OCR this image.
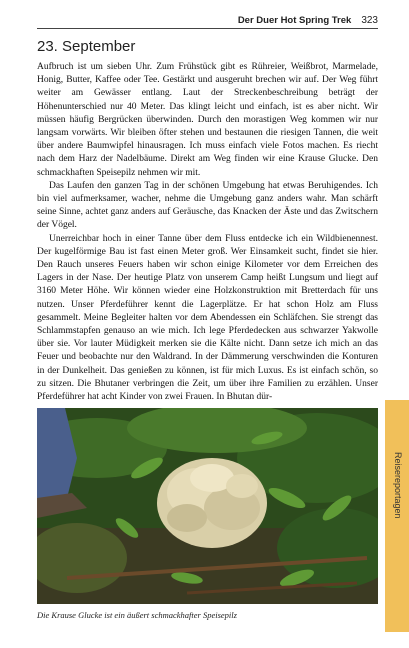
Der Duer Hot Spring Trek 323
23. September

Aufbruch ist um sieben Uhr. Zum Frühstück gibt es Rühreier, Weißbrot, Marmelade, Honig, Butter, Kaffee oder Tee. Gestärkt und ausgeruht brechen wir auf. Der Weg führt weiter am Gewässer entlang. Laut der Streckenbeschreibung beträgt der Höhenunterschied nur 40 Meter. Das klingt leicht und einfach, ist es aber nicht. Wir müssen häufig Bergrücken überwinden. Durch den morastigen Weg kommen wir nur langsam vorwärts. Wir bleiben öfter stehen und bestaunen die riesigen Tannen, die weit über andere Baumwipfel hinausragen. Ich muss einfach viele Fotos machen. Es riecht nach dem Harz der Nadelbäume. Direkt am Weg finden wir eine Krause Glucke. Den schmackhaften Speisepilz nehmen wir mit.

Das Laufen den ganzen Tag in der schönen Umgebung hat etwas Beruhigendes. Ich bin viel aufmerksamer, wacher, nehme die Umgebung ganz anders wahr. Man schärft seine Sinne, achtet ganz anders auf Geräusche, das Knacken der Äste und das Zwitschern der Vögel.

Unerreichbar hoch in einer Tanne über dem Fluss entdecke ich ein Wildbienennest. Der kugelförmige Bau ist fast einen Meter groß. Wer Einsamkeit sucht, findet sie hier. Den Rauch unseres Feuers haben wir schon einige Kilometer vor dem Erreichen des Lagers in der Nase. Der heutige Platz von unserem Camp heißt Lungsum und liegt auf 3160 Meter Höhe. Wir können wieder eine Holzkonstruktion mit Bretterdach für uns nutzen. Unser Pferdeführer kennt die Lagerplätze. Er hat schon Holz am Fluss gesammelt. Meine Begleiter halten vor dem Abendessen ein Schläfchen. Sie strengt das Schlammstapfen genauso an wie mich. Ich lege Pferdedecken aus schwarzer Yakwolle über sie. Vor lauter Müdigkeit merken sie die Kälte nicht. Dann setze ich mich an das Feuer und beobachte nur den Waldrand. In der Dämmerung verschwinden die Konturen in der Dunkelheit. Das genießen zu können, ist für mich Luxus. Es ist einfach schön, so zu sitzen. Die Bhutaner verbringen die Zeit, um über ihre Familien zu erzählen. Unser Pferdeführer hat acht Kinder von zwei Frauen. In Bhutan dür-

Die Krause Glucke ist ein äußert schmackhafter Speisepilz
Reisereportagen
